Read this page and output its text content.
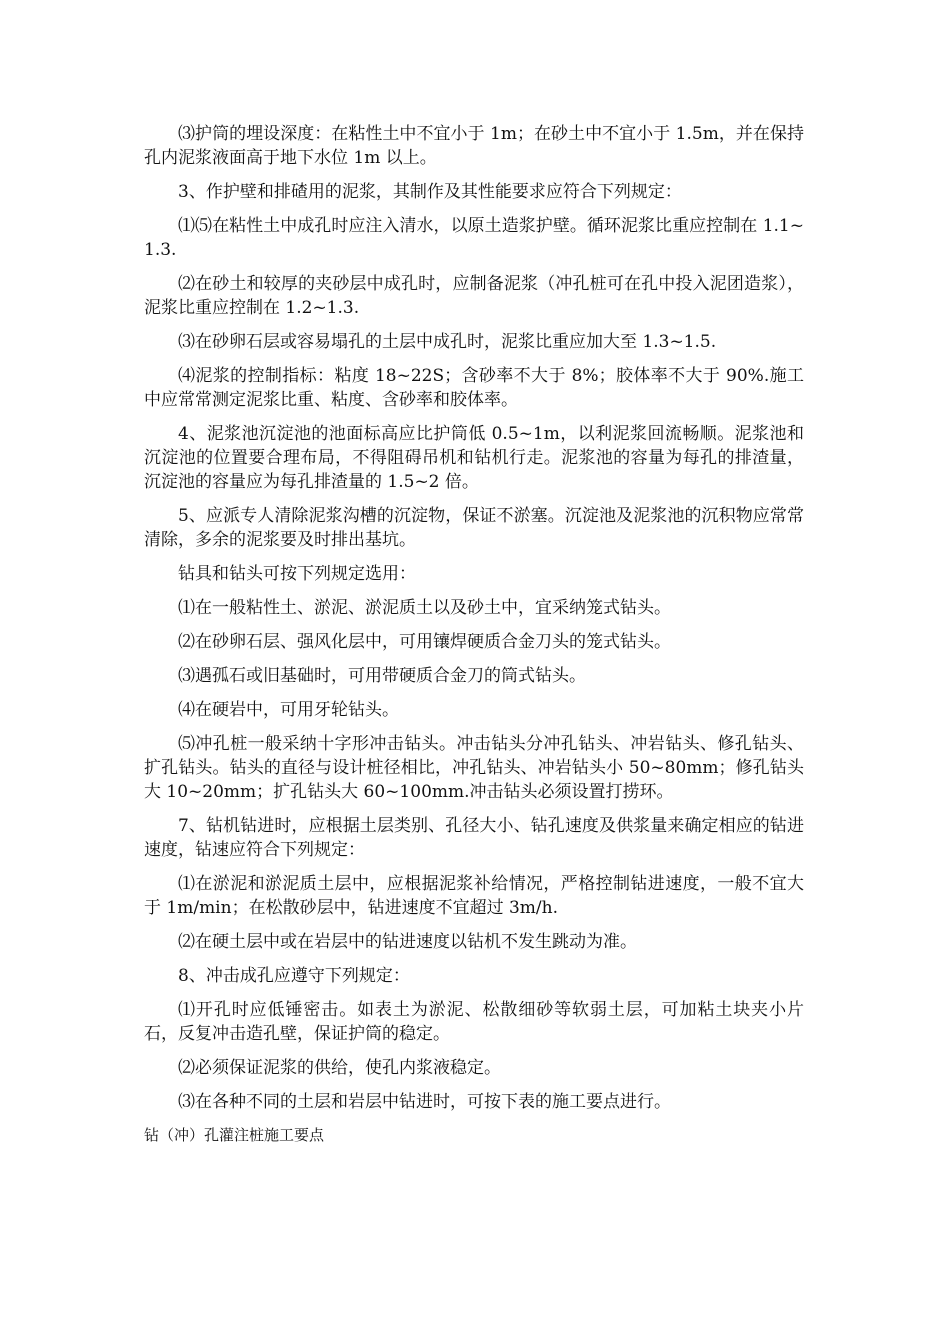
⑶护筒的埋设深度：在粘性土中不宜小于 1m；在砂土中不宜小于 1.5m，并在保持孔内泥浆液面高于地下水位 1m 以上。

3、作护壁和排碴用的泥浆，其制作及其性能要求应符合下列规定：

⑴⑸在粘性土中成孔时应注入清水，以原土造浆护壁。循环泥浆比重应控制在 1.1~1.3.

⑵在砂土和较厚的夹砂层中成孔时，应制备泥浆（冲孔桩可在孔中投入泥团造浆），泥浆比重应控制在 1.2~1.3.

⑶在砂卵石层或容易塌孔的土层中成孔时，泥浆比重应加大至 1.3~1.5.

⑷泥浆的控制指标：粘度 18~22S；含砂率不大于 8%；胶体率不大于 90%.施工中应常常测定泥浆比重、粘度、含砂率和胶体率。

4、泥浆池沉淀池的池面标高应比护筒低 0.5~1m，以利泥浆回流畅顺。泥浆池和沉淀池的位置要合理布局，不得阻碍吊机和钻机行走。泥浆池的容量为每孔的排渣量，沉淀池的容量应为每孔排渣量的 1.5~2 倍。

5、应派专人清除泥浆沟槽的沉淀物，保证不淤塞。沉淀池及泥浆池的沉积物应常常清除，多余的泥浆要及时排出基坑。

钻具和钻头可按下列规定选用：

⑴在一般粘性土、淤泥、淤泥质土以及砂土中，宜采纳笼式钻头。

⑵在砂卵石层、强风化层中，可用镶焊硬质合金刀头的笼式钻头。

⑶遇孤石或旧基础时，可用带硬质合金刀的筒式钻头。

⑷在硬岩中，可用牙轮钻头。

⑸冲孔桩一般采纳十字形冲击钻头。冲击钻头分冲孔钻头、冲岩钻头、修孔钻头、扩孔钻头。钻头的直径与设计桩径相比，冲孔钻头、冲岩钻头小 50~80mm；修孔钻头大 10~20mm；扩孔钻头大 60~100mm.冲击钻头必须设置打捞环。

7、钻机钻进时，应根据土层类别、孔径大小、钻孔速度及供浆量来确定相应的钻进速度，钻速应符合下列规定：

⑴在淤泥和淤泥质土层中，应根据泥浆补给情况，严格控制钻进速度，一般不宜大于 1m/min；在松散砂层中，钻进速度不宜超过 3m/h.

⑵在硬土层中或在岩层中的钻进速度以钻机不发生跳动为准。

8、冲击成孔应遵守下列规定：

⑴开孔时应低锤密击。如表土为淤泥、松散细砂等软弱土层，可加粘土块夹小片石，反复冲击造孔壁，保证护筒的稳定。

⑵必须保证泥浆的供给，使孔内浆液稳定。

⑶在各种不同的土层和岩层中钻进时，可按下表的施工要点进行。

钻（冲）孔灌注桩施工要点
